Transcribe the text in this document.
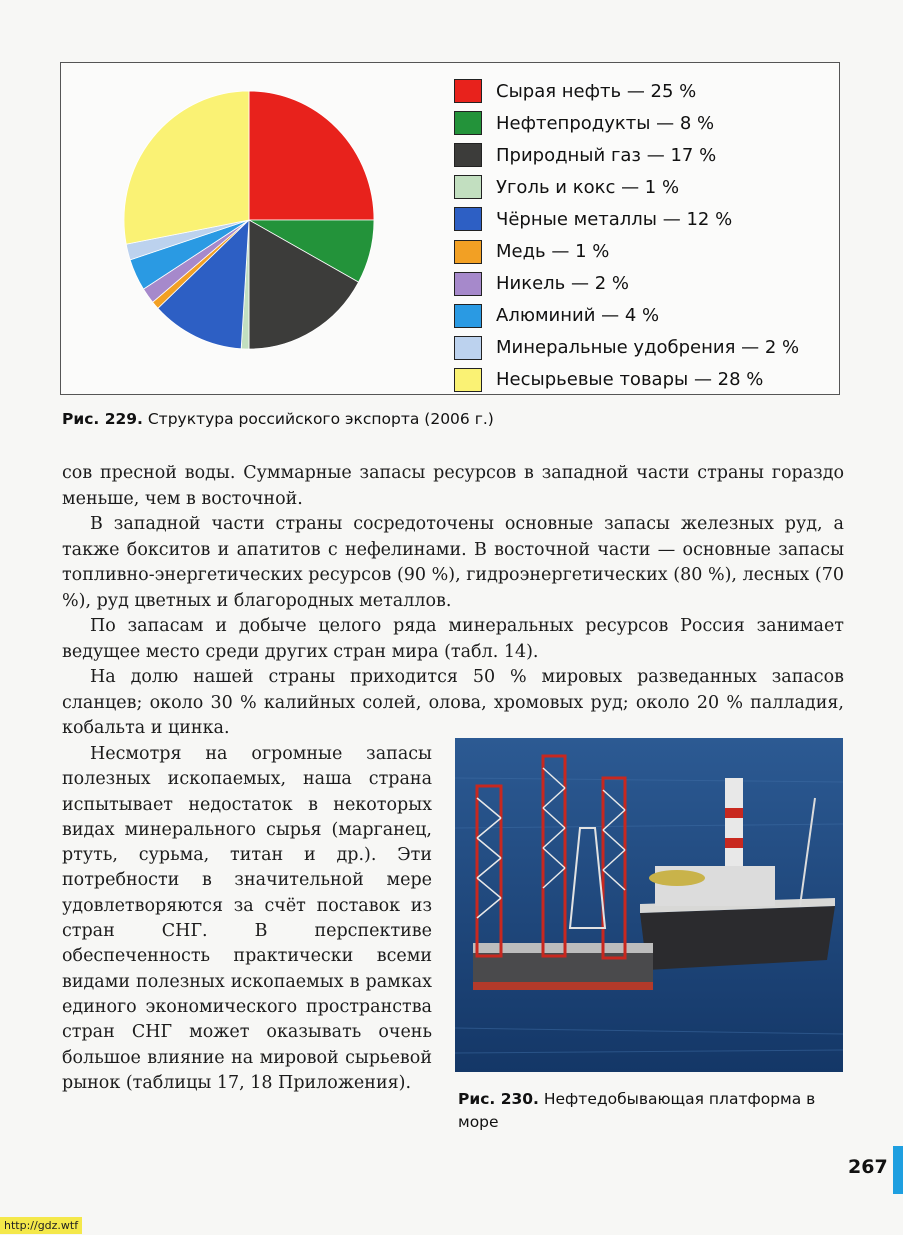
Сырая нефть — 25 %
Нефтепродукты — 8 %
Природный газ — 17 %
Уголь и кокс — 1 %
Чёрные металлы — 12 %
Медь — 1 %
Никель — 2 %
Алюминий — 4 %
Минеральные удобрения — 2 %
Несырьевые товары — 28 %
Рис. 229. Структура российского экспорта (2006 г.)

сов пресной воды. Суммарные запасы ресурсов в западной части страны гораздо меньше, чем в восточной.

В западной части страны сосредоточены основные запасы железных руд, а также бокситов и апатитов с нефелинами. В восточной части — основные запасы топливно-энергетических ресурсов (90 %), гидроэнергетических (80 %), лесных (70 %), руд цветных и благородных металлов.

По запасам и добыче целого ряда минеральных ресурсов Россия занимает ведущее место среди других стран мира (табл. 14).

На долю нашей страны приходится 50 % мировых разведанных запасов сланцев; около 30 % калийных солей, олова, хромовых руд; около 20 % палладия, кобальта и цинка.

Несмотря на огромные запасы полезных ископаемых, наша страна испытывает недостаток в некоторых видах минерального сырья (марганец, ртуть, сурьма, титан и др.). Эти потребности в значительной мере удовлетворяются за счёт поставок из стран СНГ. В перспективе обеспеченность практически всеми видами полезных ископаемых в рамках единого экономического пространства стран СНГ может оказывать очень большое влияние на мировой сырьевой рынок (таблицы 17, 18 Приложения).

Рис. 230. Нефтедобывающая платформа в море
267
http://gdz.wtf
